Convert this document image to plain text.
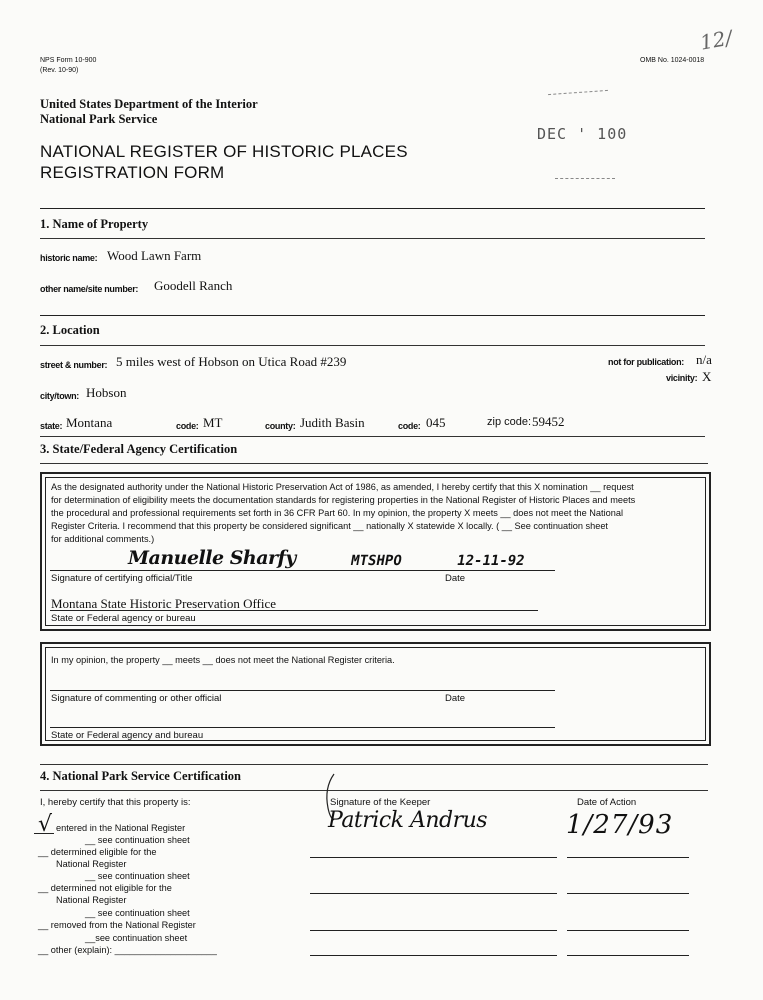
NPS Form 10-900
(Rev. 10-90)
OMB No. 1024-0018
12/
United States Department of the Interior
National Park Service
NATIONAL REGISTER OF HISTORIC PLACES
REGISTRATION FORM
DEC ' 100
1. Name of Property
historic name: Wood Lawn Farm
other name/site number: Goodell Ranch
2. Location
street & number: 5 miles west of Hobson on Utica Road #239	not for publication: n/a
vicinity: X
city/town: Hobson
state: Montana	code: MT	county: Judith Basin	code: 045	zip code: 59452
3. State/Federal Agency Certification
As the designated authority under the National Historic Preservation Act of 1986, as amended, I hereby certify that this X nomination __ request
for determination of eligibility meets the documentation standards for registering properties in the National Register of Historic Places and meets
the procedural and professional requirements set forth in 36 CFR Part 60. In my opinion, the property X meets __ does not meet the National
Register Criteria. I recommend that this property be considered significant __ nationally X statewide X locally. ( __ See continuation sheet
for additional comments.)
Manuelle Sharfy	MTSHPO	12-11-92
Signature of certifying official/Title	Date
Montana State Historic Preservation Office
State or Federal agency or bureau
In my opinion, the property __ meets __ does not meet the National Register criteria.
Signature of commenting or other official	Date
State or Federal agency and bureau
4. National Park Service Certification
I, hereby certify that this property is:	Signature of the Keeper	Date of Action
Patrick Andrus	1/27/93
√ entered in the National Register
__ see continuation sheet
__ determined eligible for the
National Register
__ see continuation sheet
__ determined not eligible for the
National Register
__ see continuation sheet
__ removed from the National Register
__see continuation sheet
__ other (explain): ____________________
